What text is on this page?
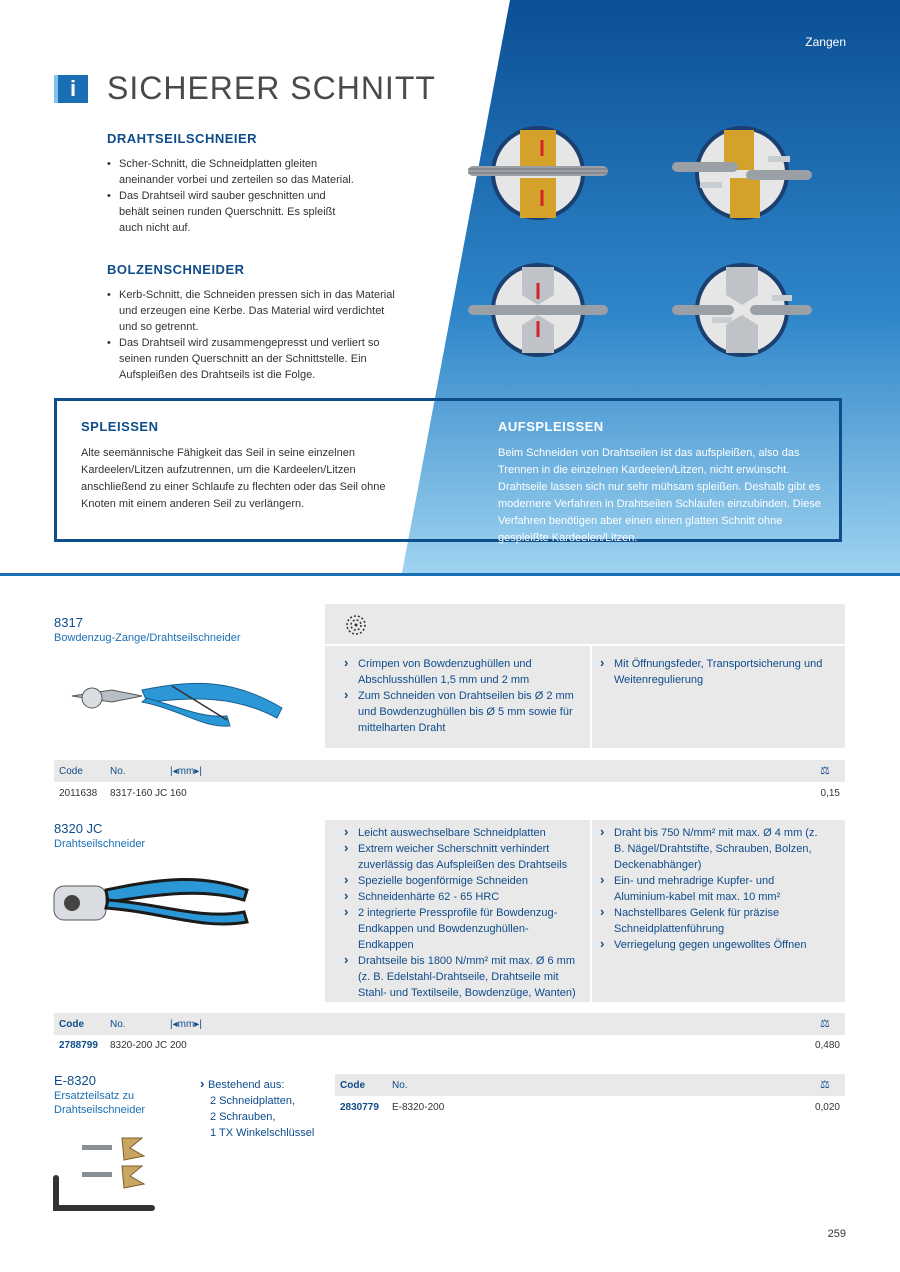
Zangen
i SICHERER SCHNITT
DRAHTSEILSCHNEIER
• Scher-Schnitt, die Schneidplatten gleiten aneinander vorbei und zerteilen so das Material.
• Das Drahtseil wird sauber geschnitten und behält seinen runden Querschnitt. Es spleißt auch nicht auf.
BOLZENSCHNEIDER
• Kerb-Schnitt, die Schneiden pressen sich in das Material und erzeugen eine Kerbe. Das Material wird verdichtet und so getrennt.
• Das Drahtseil wird zusammengepresst und verliert so seinen runden Querschnitt an der Schnittstelle. Ein Aufspleißen des Drahtseils ist die Folge.
SPLEISSEN
Alte seemännische Fähigkeit das Seil in seine einzelnen Kardeelen/Litzen aufzutrennen, um die Kardeelen/Litzen anschließend zu einer Schlaufe zu flechten oder das Seil ohne Knoten mit einem anderen Seil zu verlängern.
AUFSPLEISSEN
Beim Schneiden von Drahtseilen ist das aufspleißen, also das Trennen in die einzelnen Kardeelen/Litzen, nicht erwünscht. Drahtseile lassen sich nur sehr mühsam spleißen. Deshalb gibt es modernere Verfahren in Drahtseilen Schlaufen einzubinden. Diese Verfahren benötigen aber einen einen glatten Schnitt ohne gespleißte Kardeelen/Litzen.
8317
Bowdenzug-Zange/Drahtseilschneider
› Crimpen von Bowdenzughüllen und Abschlusshüllen 1,5 mm und 2 mm
› Zum Schneiden von Drahtseilen bis Ø 2 mm und Bowdenzughüllen bis Ø 5 mm sowie für mittelharten Draht
› Mit Öffnungsfeder, Transportsicherung und Weitenregulierung
Code	No.	|◂mm▸|	⚖
2011638 8317-160 JC 160	0,15
8320 JC
Drahtseilschneider
› Leicht auswechselbare Schneidplatten
› Extrem weicher Scherschnitt verhindert zuverlässig das Aufspleißen des Drahtseils
› Spezielle bogenförmige Schneiden
› Schneidenhärte 62 - 65 HRC
› 2 integrierte Pressprofile für Bowdenzug-Endkappen und Bowdenzughüllen-Endkappen
› Drahtseile bis 1800 N/mm² mit max. Ø 6 mm (z. B. Edelstahl-Drahtseile, Drahtseile mit Stahl- und Textilseile, Bowdenzüge, Wanten)
› Draht bis 750 N/mm² mit max. Ø 4 mm (z. B. Nägel/Drahtstifte, Schrauben, Bolzen, Deckenabhänger)
› Ein- und mehradrige Kupfer- und Aluminium-kabel mit max. 10 mm²
› Nachstellbares Gelenk für präzise Schneidplattenführung
› Verriegelung gegen ungewolltes Öffnen
Code	No.	|◂mm▸|	⚖
2788799 8320-200 JC 200	0,480
E-8320
Ersatzteilsatz zu Drahtseilschneider
› Bestehend aus:
2 Schneidplatten,
2 Schrauben,
1 TX Winkelschlüssel
Code	No.	⚖
2830779 E-8320-200	0,020
259
